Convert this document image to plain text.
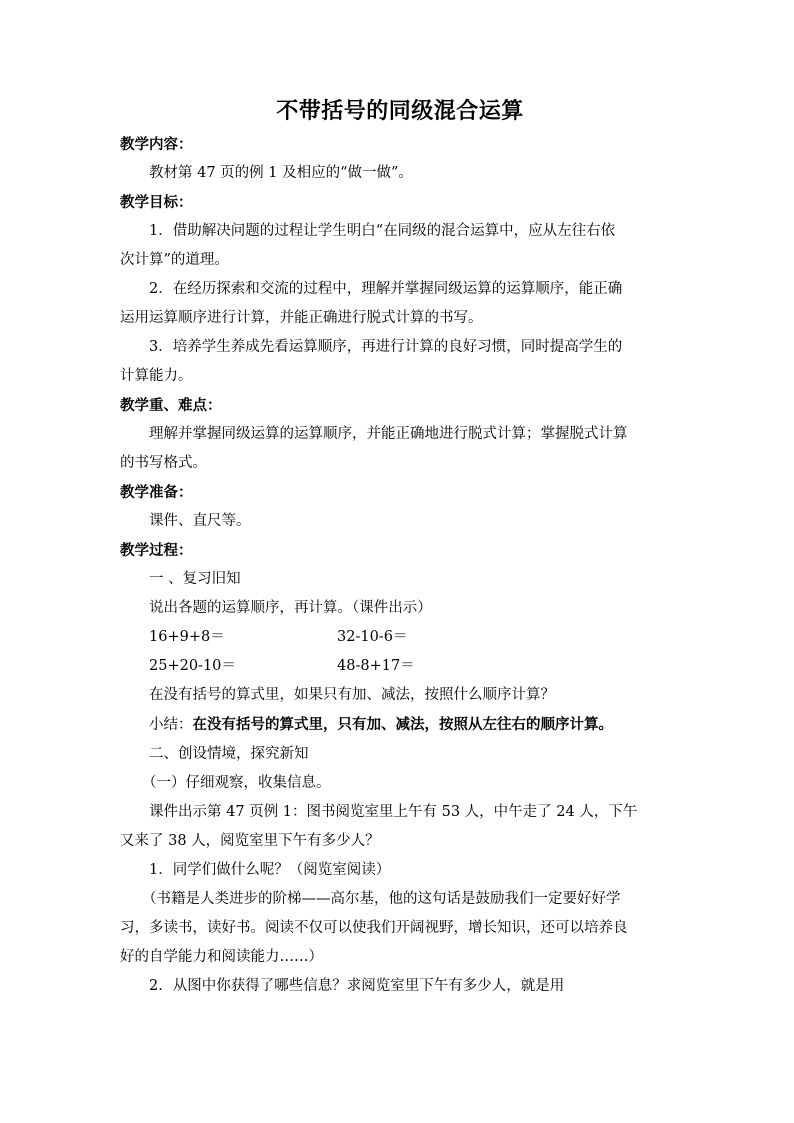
不带括号的同级混合运算
教学内容：
教材第 47 页的例 1 及相应的“做一做”。
教学目标：
1．借助解决问题的过程让学生明白“在同级的混合运算中，应从左往右依
次计算”的道理。
2．在经历探索和交流的过程中，理解并掌握同级运算的运算顺序，能正确
运用运算顺序进行计算，并能正确进行脱式计算的书写。
3．培养学生养成先看运算顺序，再进行计算的良好习惯，同时提高学生的
计算能力。
教学重、难点：
理解并掌握同级运算的运算顺序，并能正确地进行脱式计算；掌握脱式计算
的书写格式。
教学准备：
课件、直尺等。
教学过程：
一 、复习旧知
说出各题的运算顺序，再计算。（课件出示）
16+9+8＝	32-10-6＝
25+20-10＝	48-8+17＝
在没有括号的算式里，如果只有加、减法，按照什么顺序计算？
小结：在没有括号的算式里，只有加、减法，按照从左往右的顺序计算。
二、创设情境，探究新知
（一）仔细观察，收集信息。
课件出示第 47 页例 1：图书阅览室里上午有 53 人，中午走了 24 人，下午
又来了 38 人，阅览室里下午有多少人？
1．同学们做什么呢？（阅览室阅读）
（书籍是人类进步的阶梯——高尔基，他的这句话是鼓励我们一定要好好学
习，多读书，读好书。阅读不仅可以使我们开阔视野，增长知识，还可以培养良
好的自学能力和阅读能力……）
2．从图中你获得了哪些信息？求阅览室里下午有多少人，就是用
